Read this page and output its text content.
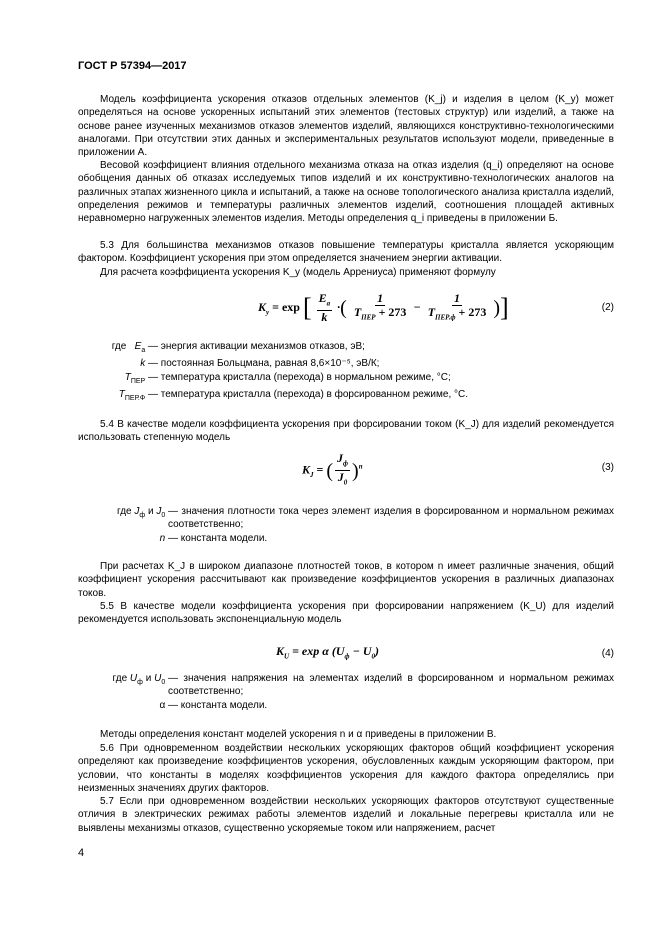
ГОСТ Р 57394—2017

Модель коэффициента ускорения отказов отдельных элементов (K_j) и изделия в целом (K_y) может определяться на основе ускоренных испытаний этих элементов (тестовых структур) или изделий, а также на основе ранее изученных механизмов отказов элементов изделий, являющихся конструктивно-технологическими аналогами. При отсутствии этих данных и экспериментальных результатов используют модели, приведенные в приложении А.

Весовой коэффициент влияния отдельного механизма отказа на отказ изделия (q_i) определяют на основе обобщения данных об отказах исследуемых типов изделий и их конструктивно-технологических аналогов на различных этапах жизненного цикла и испытаний, а также на основе топологического анализа кристалла изделий, определения режимов и температуры различных элементов изделий, соотношения площадей активных неравномерно нагруженных элементов изделия. Методы определения q_i приведены в приложении Б.

5.3 Для большинства механизмов отказов повышение температуры кристалла является ускоряющим фактором. Коэффициент ускорения при этом определяется значением энергии активации.

Для расчета коэффициента ускорения K_y (модель Аррениуса) применяют формулу

$K_y = \exp$ [ $\frac{E_a}{k}$ ·( $\frac{1}{T_{ПЕР} + 273} - \frac{1}{T_{ПЕР.ф} + 273}$ )]	(2)
где $E_a$ — энергия активации механизмов отказов, эВ;
k — постоянная Больцмана, равная 8,6×10⁻⁵, эВ/К;
$T_{ПЕР}$ — температура кристалла (перехода) в нормальном режиме, °С;
$T_{ПЕР.Ф}$ — температура кристалла (перехода) в форсированном режиме, °С.

5.4 В качестве модели коэффициента ускорения при форсировании током (K_J) для изделий рекомендуется использовать степенную модель

$K_J$ = ( $\frac{J_ф}{J_0} )^n$	(3)
где $J_ф$ и $J_0$ — значения плотности тока через элемент изделия в форсированном и нормальном режимах соответственно;
n — константа модели.

При расчетах K_J в широком диапазоне плотностей токов, в котором n имеет различные значения, общий коэффициент ускорения рассчитывают как произведение коэффициентов ускорения в различных диапазонах токов.

5.5 В качестве модели коэффициента ускорения при форсировании напряжением (K_U) для изделий рекомендуется использовать экспоненциальную модель

$K_U = \exp \alpha$ $(U_ф - U_0)$	(4)
где $U_ф$ и $U_0$ — значения напряжения на элементах изделий в форсированном и нормальном режимах соответственно;
α — константа модели.

Методы определения констант моделей ускорения n и α приведены в приложении В.

5.6 При одновременном воздействии нескольких ускоряющих факторов общий коэффициент ускорения определяют как произведение коэффициентов ускорения, обусловленных каждым ускоряющим фактором, при условии, что константы в моделях коэффициентов ускорения для каждого фактора определялись при неизменных значениях других факторов.

5.7 Если при одновременном воздействии нескольких ускоряющих факторов отсутствуют существенные отличия в электрических режимах работы элементов изделий и локальные перегревы кристалла или не выявлены механизмы отказов, существенно ускоряемые током или напряжением, расчет

4
